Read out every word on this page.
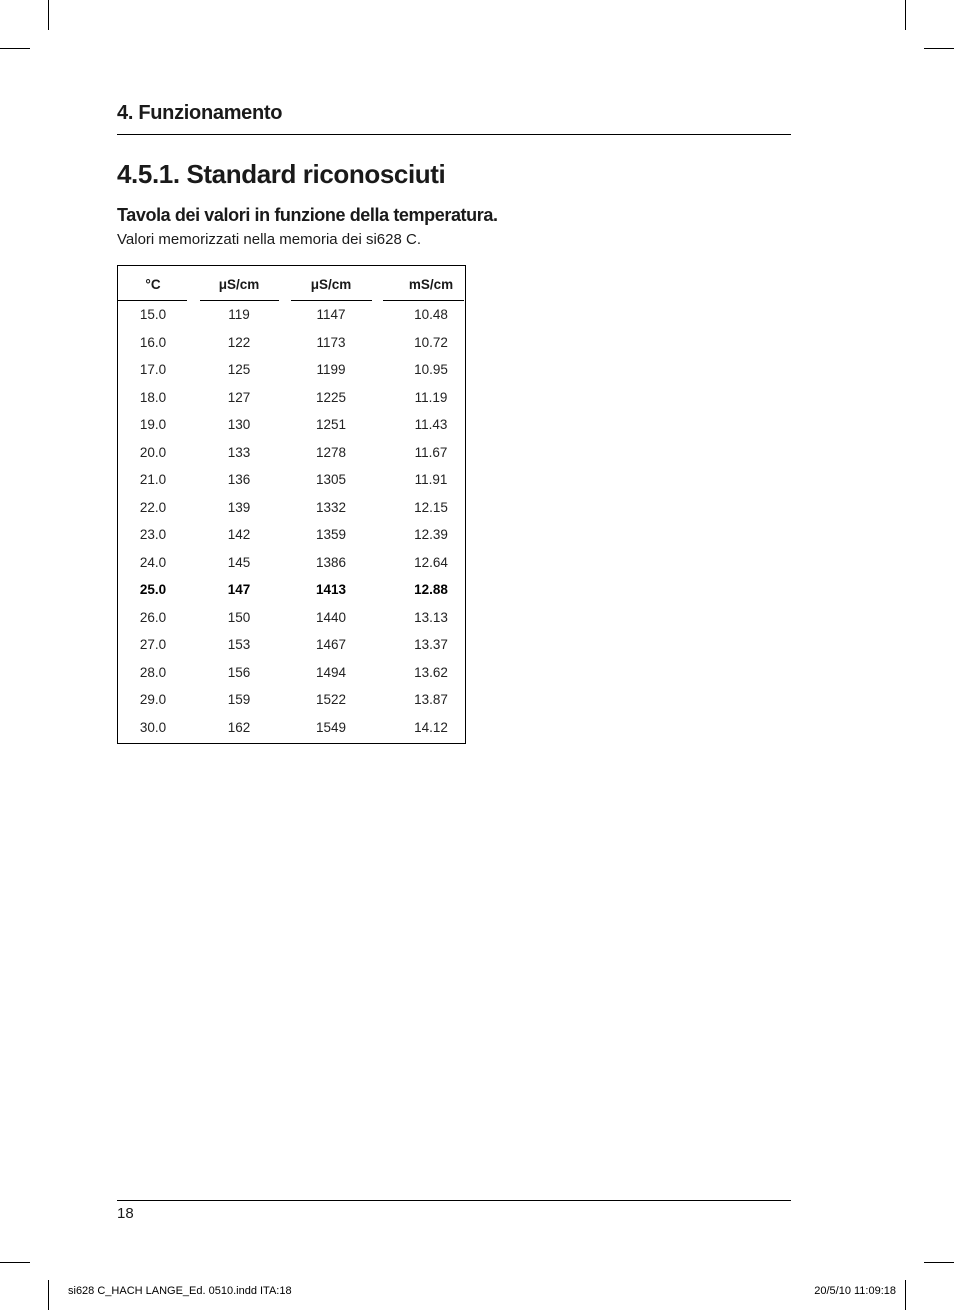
4. Funzionamento
4.5.1. Standard riconosciuti
Tavola dei valori in funzione della temperatura.
Valori memorizzati nella memoria dei si628 C.
°C	μS/cm	μS/cm	mS/cm
15.0	119	1147	10.48
16.0	122	1173	10.72
17.0	125	1199	10.95
18.0	127	1225	11.19
19.0	130	1251	11.43
20.0	133	1278	11.67
21.0	136	1305	11.91
22.0	139	1332	12.15
23.0	142	1359	12.39
24.0	145	1386	12.64
25.0	147	1413	12.88
26.0	150	1440	13.13
27.0	153	1467	13.37
28.0	156	1494	13.62
29.0	159	1522	13.87
30.0	162	1549	14.12
18
si628 C_HACH LANGE_Ed. 0510.indd ITA:18	20/5/10 11:09:18
